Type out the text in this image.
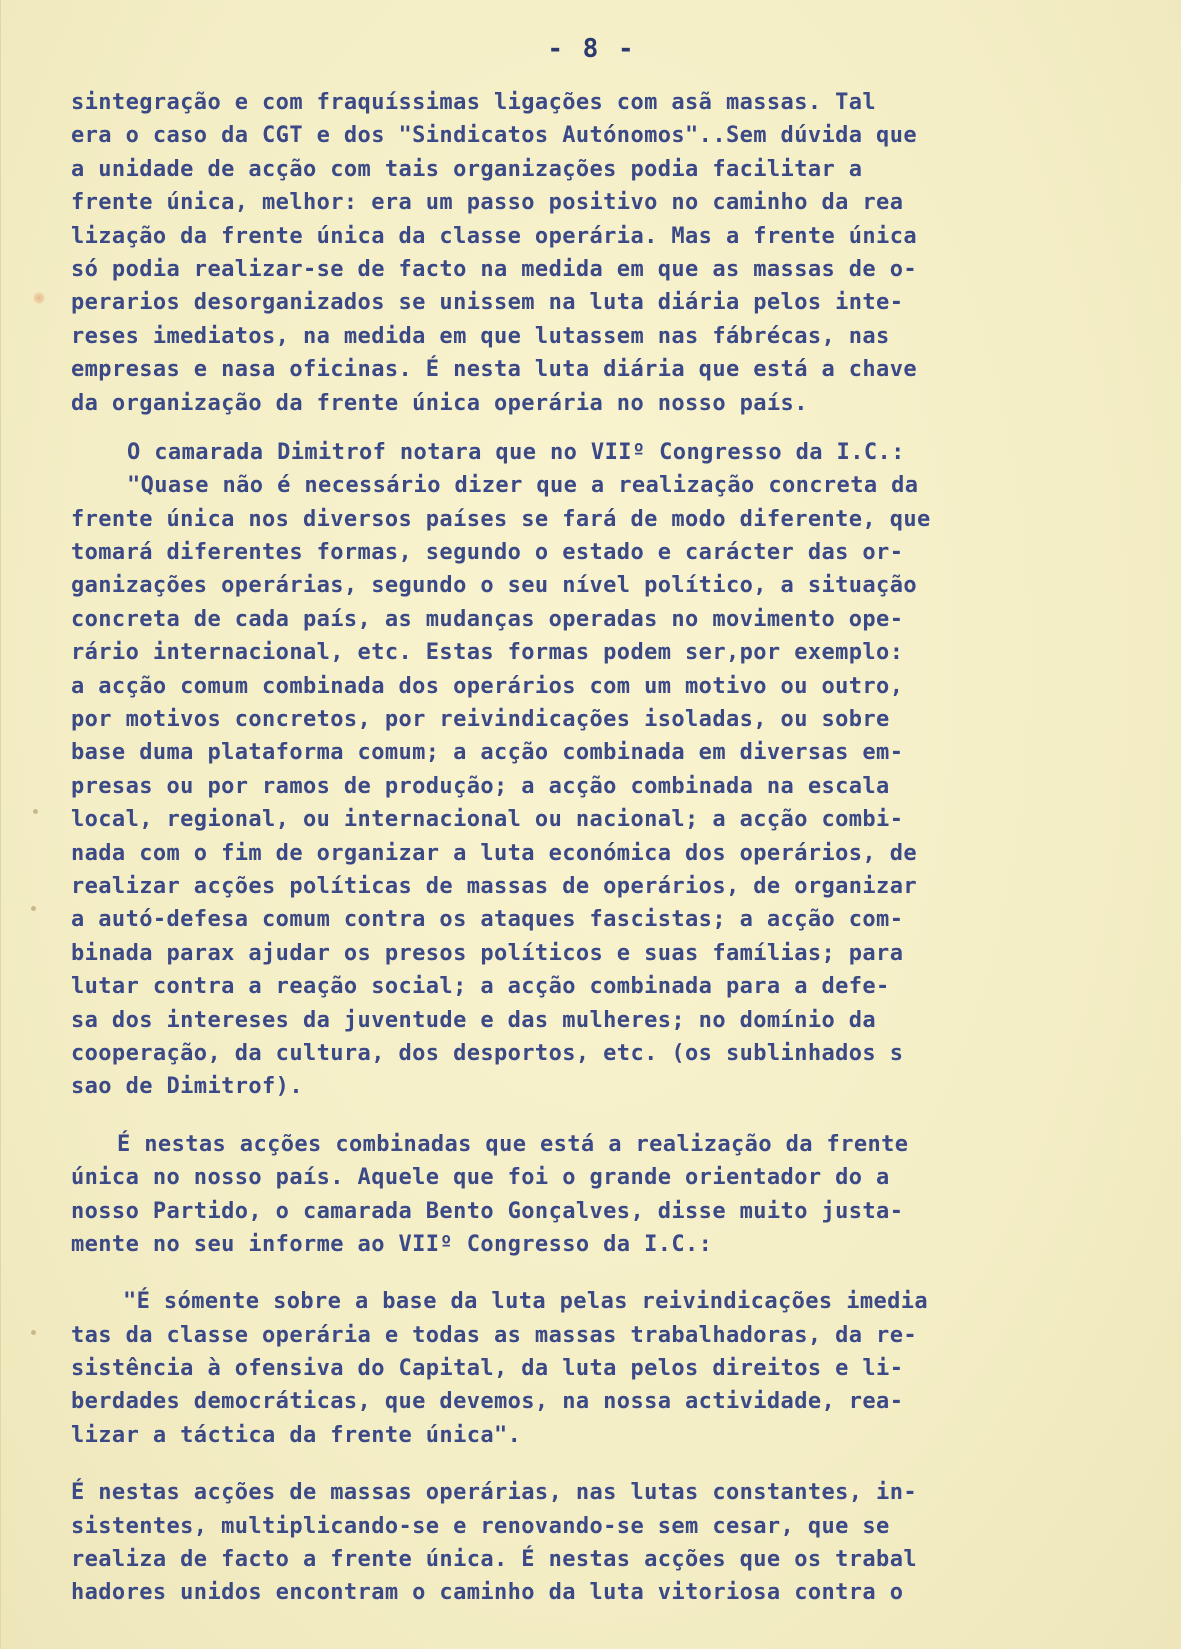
- 8 -
sintegração e com fraquíssimas ligações com asã massas. Tal
era o caso da CGT e dos "Sindicatos Autónomos"..Sem dúvida que
a unidade de acção com tais organizações podia facilitar a
frente única, melhor: era um passo positivo no caminho da rea
lização da frente única da classe operária. Mas a frente única
só podia realizar-se de facto na medida em que as massas de o-
perarios desorganizados se unissem na luta diária pelos inte-
reses imediatos, na medida em que lutassem nas fábrécas, nas
empresas e nasa oficinas. É nesta luta diária que está a chave
da organização da frente única operária no nosso país.
O camarada Dimitrof notara que no VIIº Congresso da I.C.:
"Quase não é necessário dizer que a realização concreta da
frente única nos diversos países se fará de modo diferente, que
tomará diferentes formas, segundo o estado e carácter das or-
ganizações operárias, segundo o seu nível político, a situação
concreta de cada país, as mudanças operadas no movimento ope-
rário internacional, etc. Estas formas podem ser,por exemplo:
a acção comum combinada dos operários com um motivo ou outro,
por motivos concretos, por reivindicações isoladas, ou sobre
base duma plataforma comum; a acção combinada em diversas em-
presas ou por ramos de produção; a acção combinada na escala
local, regional, ou internacional ou nacional; a acção combi-
nada com o fim de organizar a luta económica dos operários, de
realizar acções políticas de massas de operários, de organizar
a autó-defesa comum contra os ataques fascistas; a acção com-
binada parax ajudar os presos políticos e suas famílias; para
lutar contra a reação social; a acção combinada para a defe-
sa dos intereses da juventude e das mulheres; no domínio da
cooperação, da cultura, dos desportos, etc. (os sublinhados s
sao de Dimitrof).
É nestas acções combinadas que está a realização da frente
única no nosso país. Aquele que foi o grande orientador do a
nosso Partido, o camarada Bento Gonçalves, disse muito justa-
mente no seu informe ao VIIº Congresso da I.C.:
"É sómente sobre a base da luta pelas reivindicações imedia
tas da classe operária e todas as massas trabalhadoras, da re-
sistência à ofensiva do Capital, da luta pelos direitos e li-
berdades democráticas, que devemos, na nossa actividade, rea-
lizar a táctica da frente única".
É nestas acções de massas operárias, nas lutas constantes, in-
sistentes, multiplicando-se e renovando-se sem cesar, que se
realiza de facto a frente única. É nestas acções que os trabal
hadores unidos encontram o caminho da luta vitoriosa contra o
